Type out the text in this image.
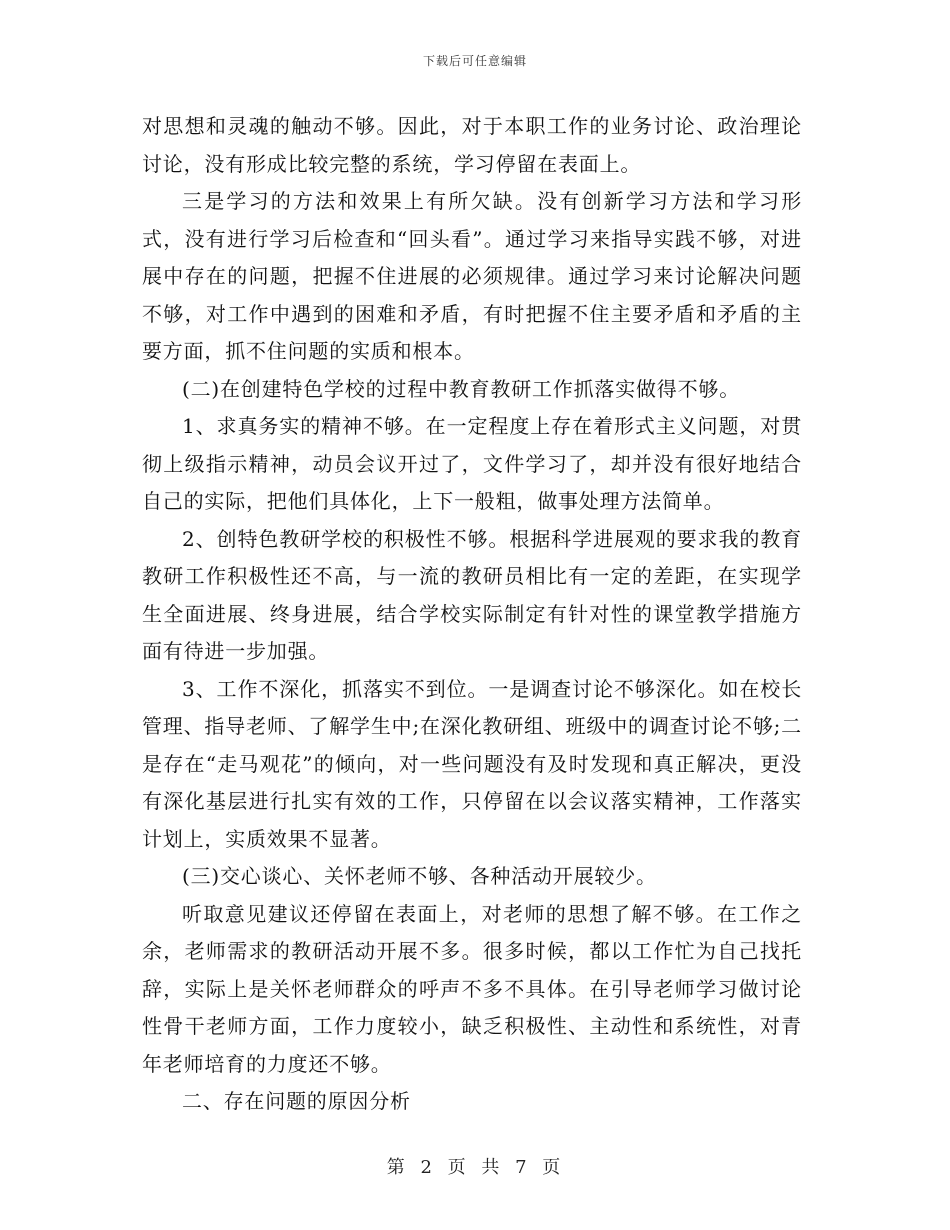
下载后可任意编辑

对思想和灵魂的触动不够。因此，对于本职工作的业务讨论、政治理论讨论，没有形成比较完整的系统，学习停留在表面上。

三是学习的方法和效果上有所欠缺。没有创新学习方法和学习形式，没有进行学习后检查和“回头看”。通过学习来指导实践不够，对进展中存在的问题，把握不住进展的必须规律。通过学习来讨论解决问题不够，对工作中遇到的困难和矛盾，有时把握不住主要矛盾和矛盾的主要方面，抓不住问题的实质和根本。

(二)在创建特色学校的过程中教育教研工作抓落实做得不够。

1、求真务实的精神不够。在一定程度上存在着形式主义问题，对贯彻上级指示精神，动员会议开过了，文件学习了，却并没有很好地结合自己的实际，把他们具体化，上下一般粗，做事处理方法简单。

2、创特色教研学校的积极性不够。根据科学进展观的要求我的教育教研工作积极性还不高，与一流的教研员相比有一定的差距，在实现学生全面进展、终身进展，结合学校实际制定有针对性的课堂教学措施方面有待进一步加强。

3、工作不深化，抓落实不到位。一是调查讨论不够深化。如在校长管理、指导老师、了解学生中;在深化教研组、班级中的调查讨论不够;二是存在“走马观花”的倾向，对一些问题没有及时发现和真正解决，更没有深化基层进行扎实有效的工作，只停留在以会议落实精神，工作落实计划上，实质效果不显著。

(三)交心谈心、关怀老师不够、各种活动开展较少。

听取意见建议还停留在表面上，对老师的思想了解不够。在工作之余，老师需求的教研活动开展不多。很多时候，都以工作忙为自己找托辞，实际上是关怀老师群众的呼声不多不具体。在引导老师学习做讨论性骨干老师方面，工作力度较小，缺乏积极性、主动性和系统性，对青年老师培育的力度还不够。

二、存在问题的原因分析

第 2 页 共 7 页
